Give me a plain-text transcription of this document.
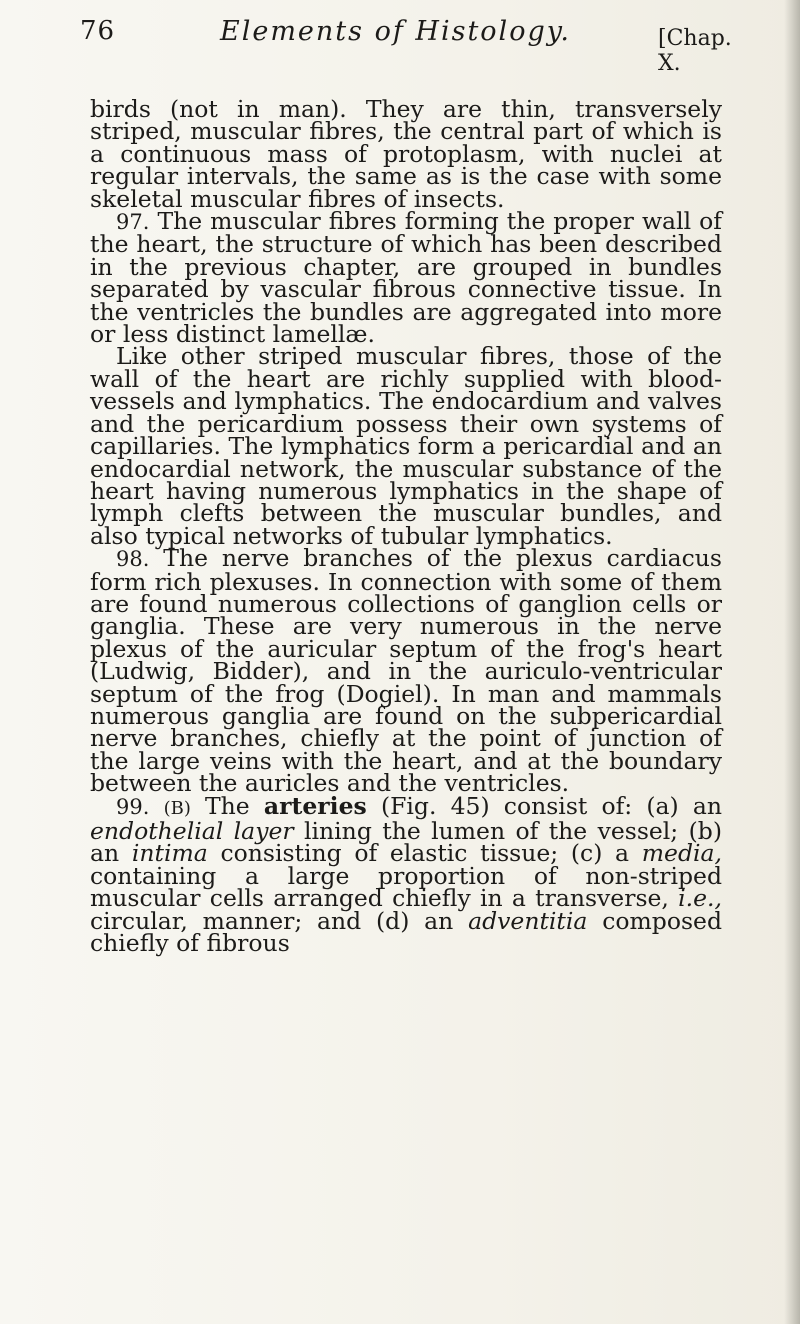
76	Elements of Histology.	[Chap. X.

birds (not in man). They are thin, transversely striped, muscular fibres, the central part of which is a continuous mass of protoplasm, with nuclei at regular intervals, the same as is the case with some skeletal muscular fibres of insects.

97. The muscular fibres forming the proper wall of the heart, the structure of which has been described in the previous chapter, are grouped in bundles separated by vascular fibrous connective tissue. In the ventricles the bundles are aggregated into more or less distinct lamellæ.

Like other striped muscular fibres, those of the wall of the heart are richly supplied with blood-vessels and lymphatics. The endocardium and valves and the pericardium possess their own systems of capillaries. The lymphatics form a pericardial and an endocardial network, the muscular substance of the heart having numerous lymphatics in the shape of lymph clefts between the muscular bundles, and also typical networks of tubular lymphatics.

98. The nerve branches of the plexus cardiacus form rich plexuses. In connection with some of them are found numerous collections of ganglion cells or ganglia. These are very numerous in the nerve plexus of the auricular septum of the frog's heart (Ludwig, Bidder), and in the auriculo-ventricular septum of the frog (Dogiel). In man and mammals numerous ganglia are found on the subpericardial nerve branches, chiefly at the point of junction of the large veins with the heart, and at the boundary between the auricles and the ventricles.

99. (B) The arteries (Fig. 45) consist of: (a) an endothelial layer lining the lumen of the vessel; (b) an intima consisting of elastic tissue; (c) a media, containing a large proportion of non-striped muscular cells arranged chiefly in a transverse, i.e., circular, manner; and (d) an adventitia composed chiefly of fibrous
